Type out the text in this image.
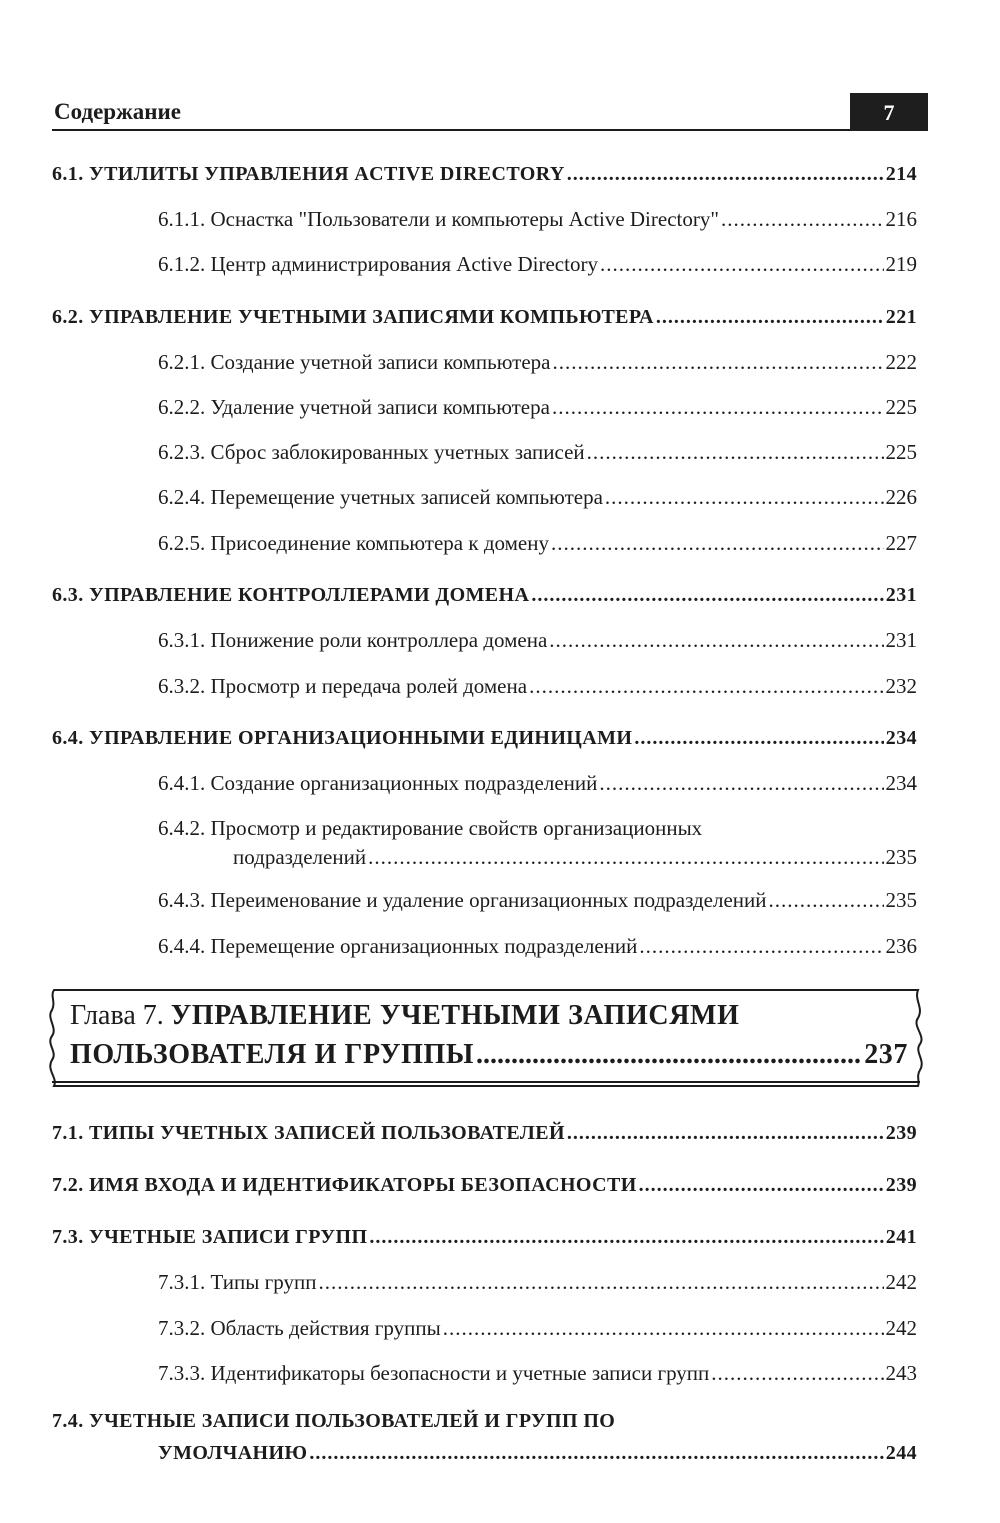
Содержание	7
6.1. УТИЛИТЫ УПРАВЛЕНИЯ ACTIVE DIRECTORY .....	214
6.1.1. Оснастка "Пользователи и компьютеры Active Directory" .....	216
6.1.2. Центр администрирования Active Directory .....	219
6.2. УПРАВЛЕНИЕ УЧЕТНЫМИ ЗАПИСЯМИ КОМПЬЮТЕРА .....	221
6.2.1. Создание учетной записи компьютера .....	222
6.2.2. Удаление учетной записи компьютера .....	225
6.2.3. Сброс заблокированных учетных записей .....	225
6.2.4. Перемещение учетных записей компьютера .....	226
6.2.5. Присоединение компьютера к домену .....	227
6.3. УПРАВЛЕНИЕ КОНТРОЛЛЕРАМИ ДОМЕНА .....	231
6.3.1. Понижение роли контроллера домена .....	231
6.3.2. Просмотр и передача ролей домена .....	232
6.4. УПРАВЛЕНИЕ ОРГАНИЗАЦИОННЫМИ ЕДИНИЦАМИ .....	234
6.4.1. Создание организационных подразделений .....	234
6.4.2. Просмотр и редактирование свойств организационных
подразделений .....	235
6.4.3. Переименование и удаление организационных подразделений .....	235
6.4.4. Перемещение организационных подразделений .....	236
Глава 7. УПРАВЛЕНИЕ УЧЕТНЫМИ ЗАПИСЯМИ
ПОЛЬЗОВАТЕЛЯ И ГРУППЫ .....	237
7.1. ТИПЫ УЧЕТНЫХ ЗАПИСЕЙ ПОЛЬЗОВАТЕЛЕЙ .....	239
7.2. ИМЯ ВХОДА И ИДЕНТИФИКАТОРЫ БЕЗОПАСНОСТИ .....	239
7.3. УЧЕТНЫЕ ЗАПИСИ ГРУПП .....	241
7.3.1. Типы групп .....	242
7.3.2. Область действия группы .....	242
7.3.3. Идентификаторы безопасности и учетные записи групп .....	243
7.4. УЧЕТНЫЕ ЗАПИСИ ПОЛЬЗОВАТЕЛЕЙ И ГРУПП ПО
УМОЛЧАНИЮ .....	244
